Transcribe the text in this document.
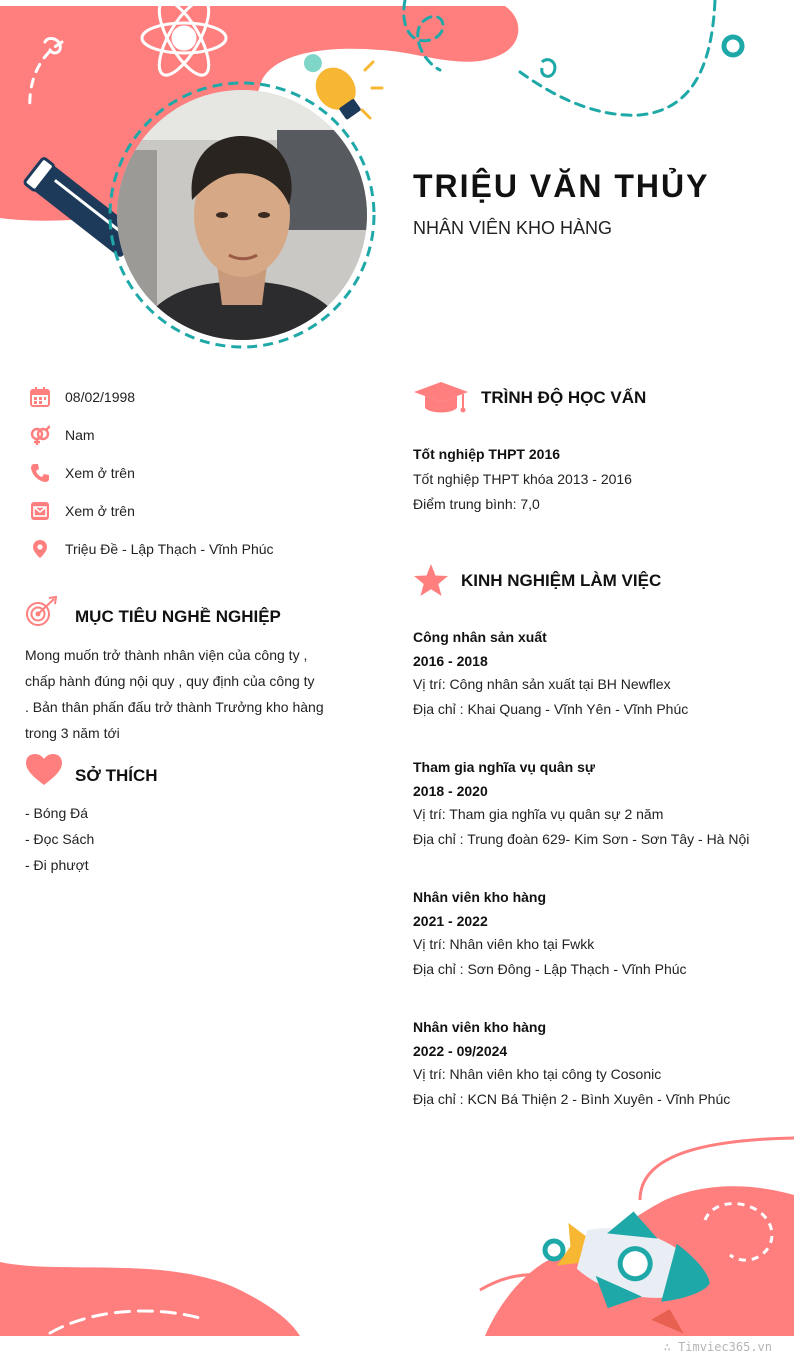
TRIỆU VĂN THỦY
NHÂN VIÊN KHO HÀNG
08/02/1998
Nam
Xem ở trên
Xem ở trên
Triệu Đề - Lập Thạch - Vĩnh Phúc
MỤC TIÊU NGHỀ NGHIỆP
Mong muốn trở thành nhân viện của công ty ,
chấp hành đúng nội quy , quy định của công ty
. Bản thân phấn đấu trở thành Trưởng kho hàng
trong 3 năm tới
SỞ THÍCH
- Bóng Đá
- Đọc Sách
- Đi phượt
TRÌNH ĐỘ HỌC VẤN
Tốt nghiệp THPT 2016
Tốt nghiệp THPT khóa 2013 - 2016
Điểm trung bình: 7,0
KINH NGHIỆM LÀM VIỆC
Công nhân sản xuất
2016 - 2018
Vị trí: Công nhân sản xuất tại BH Newflex
Địa chỉ : Khai Quang - Vĩnh Yên - Vĩnh Phúc
Tham gia nghĩa vụ quân sự
2018 - 2020
Vị trí: Tham gia nghĩa vụ quân sự 2 năm
Địa chỉ : Trung đoàn 629- Kim Sơn - Sơn Tây - Hà Nội
Nhân viên kho hàng
2021 - 2022
Vị trí: Nhân viên kho tại Fwkk
Địa chỉ : Sơn Đông - Lập Thạch - Vĩnh Phúc
Nhân viên kho hàng
2022 - 09/2024
Vị trí: Nhân viên kho tại công ty Cosonic
Địa chỉ : KCN Bá Thiện 2 - Bình Xuyên - Vĩnh Phúc
∴ Timviec365.vn
